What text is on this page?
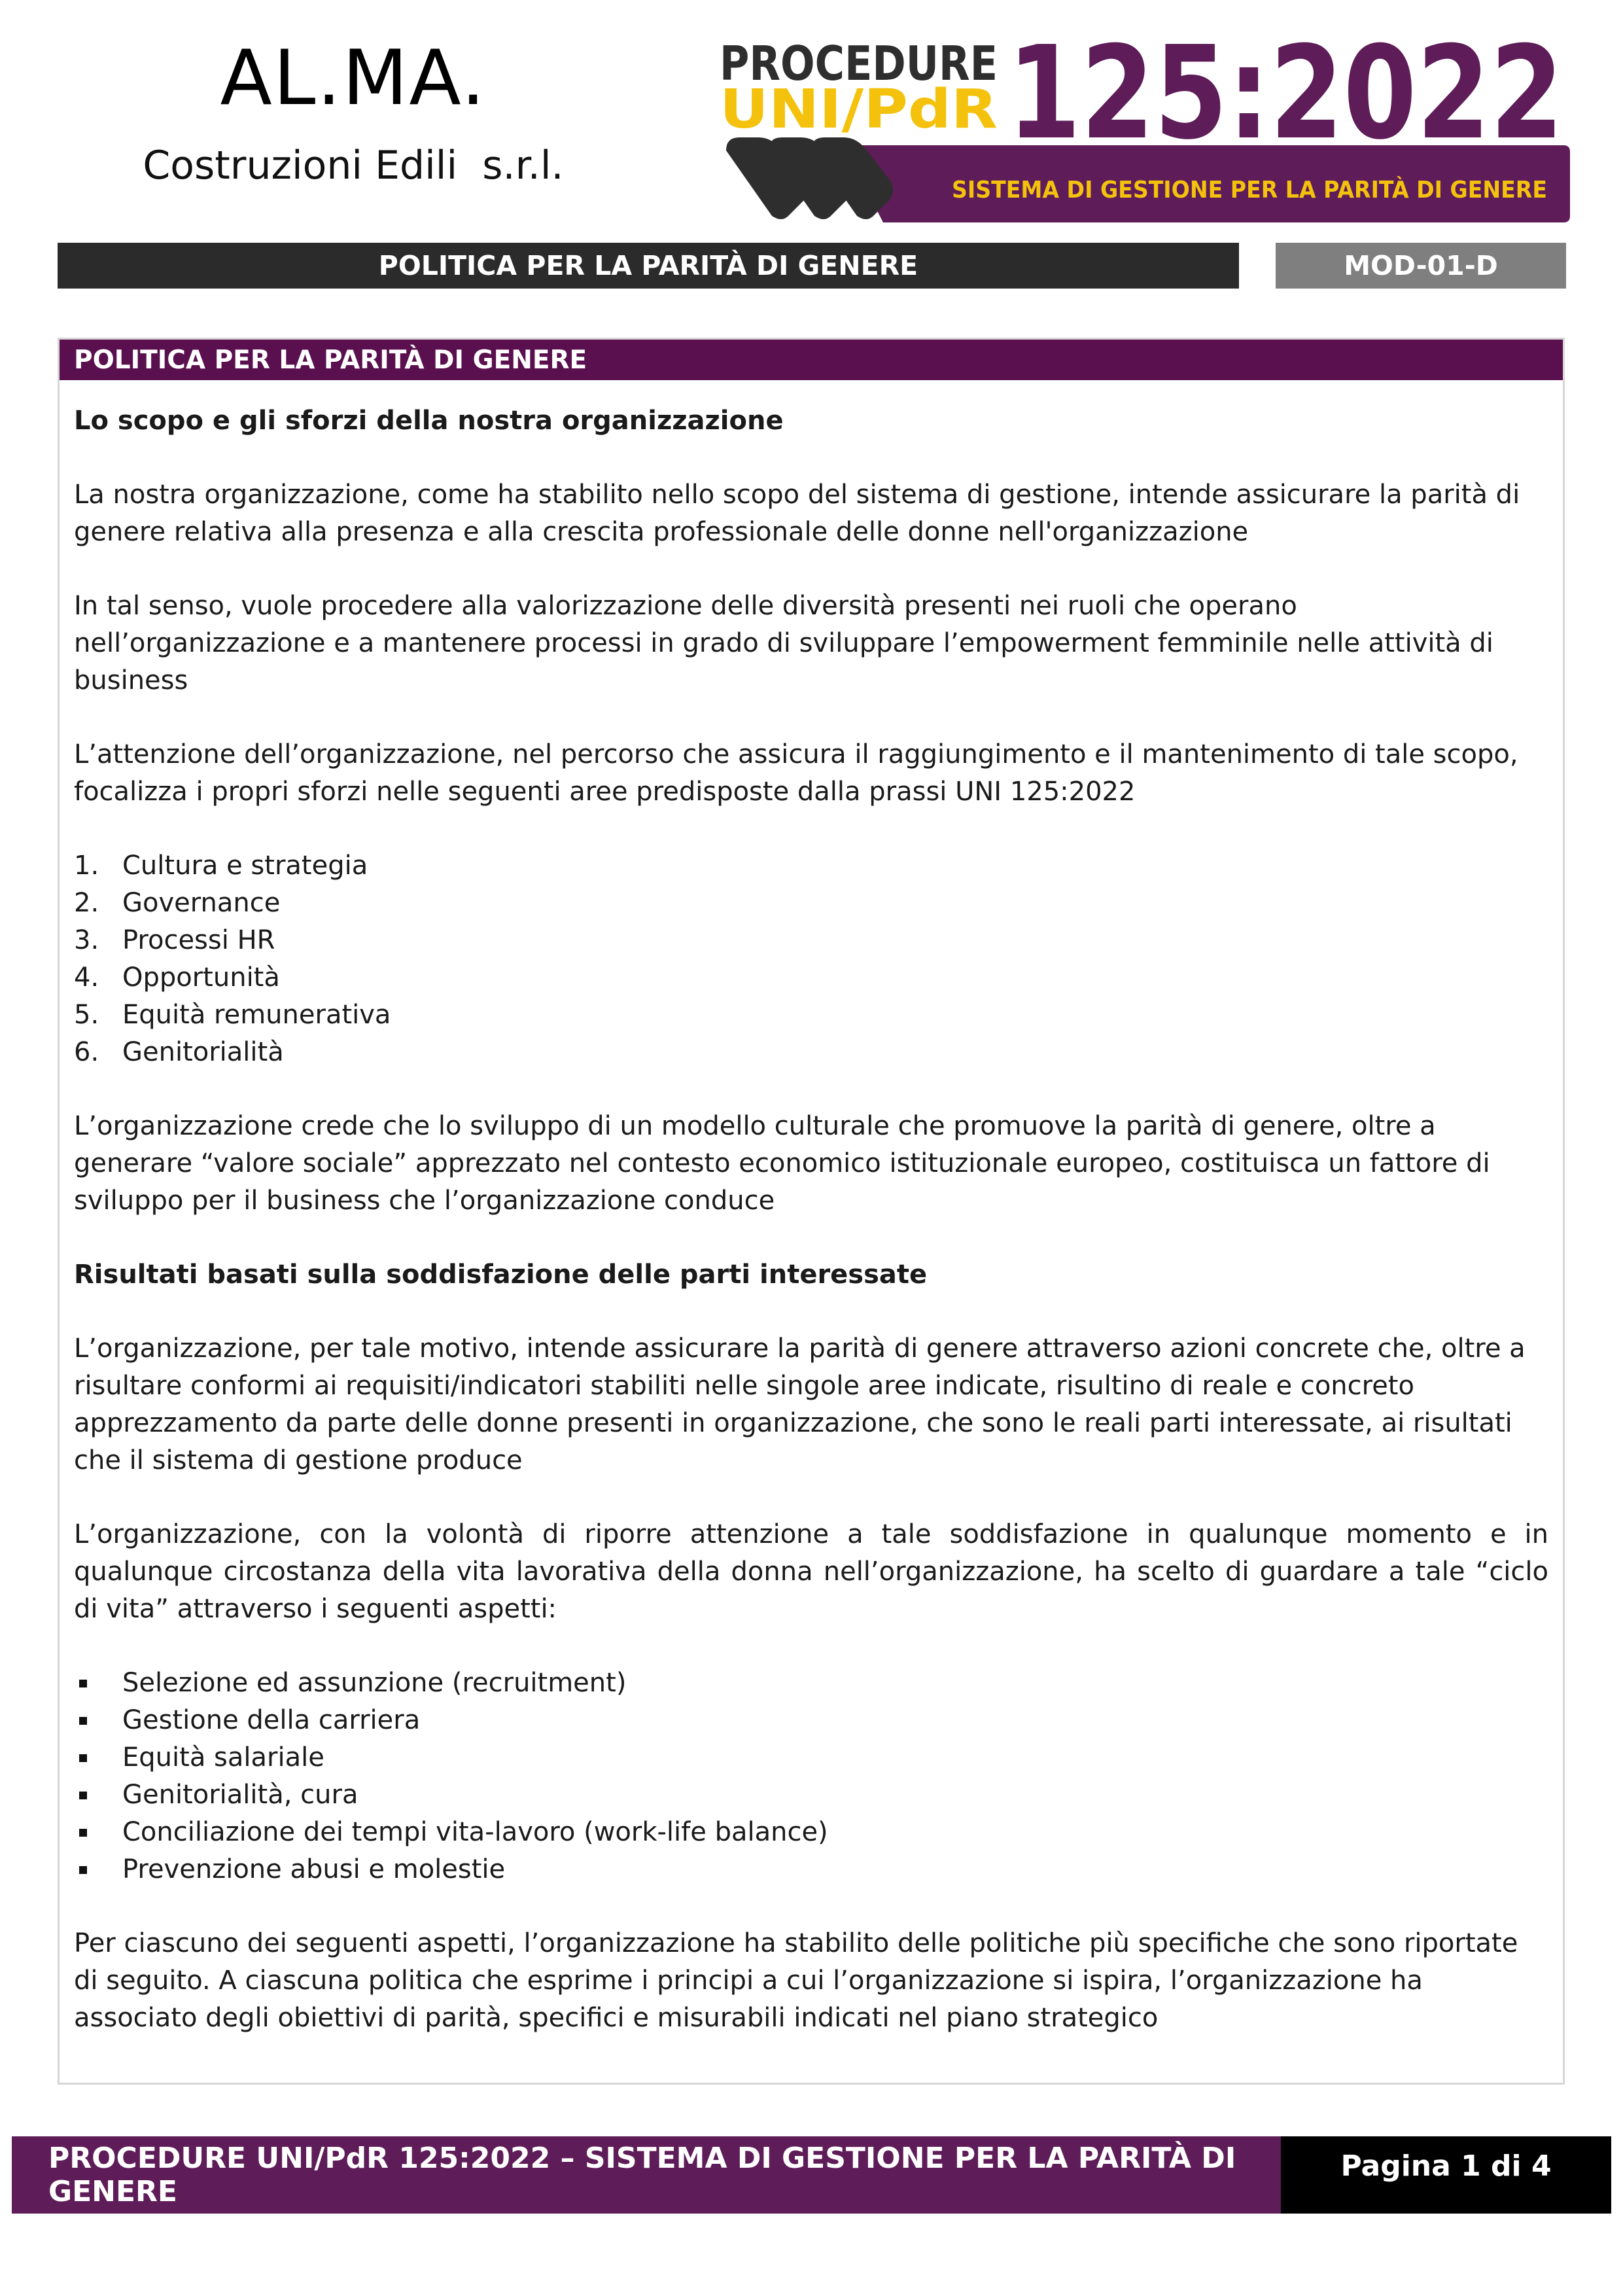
AL.MA.
Costruzioni Edili  s.r.l.
PROCEDURE
UNI/PdR 125:2022
SISTEMA DI GESTIONE PER LA PARITÀ DI GENERE
POLITICA PER LA PARITÀ DI GENERE	MOD-01-D
POLITICA PER LA PARITÀ DI GENERE

Lo scopo e gli sforzi della nostra organizzazione

La nostra organizzazione, come ha stabilito nello scopo del sistema di gestione, intende assicurare la parità di genere relativa alla presenza e alla crescita professionale delle donne nell'organizzazione

In tal senso, vuole procedere alla valorizzazione delle diversità presenti nei ruoli che operano nell’organizzazione e a mantenere processi in grado di sviluppare l’empowerment femminile nelle attività di business

L’attenzione dell’organizzazione, nel percorso che assicura il raggiungimento e il mantenimento di tale scopo, focalizza i propri sforzi nelle seguenti aree predisposte dalla prassi UNI 125:2022

1. Cultura e strategia
2. Governance
3. Processi HR
4. Opportunità
5. Equità remunerativa
6. Genitorialità

L’organizzazione crede che lo sviluppo di un modello culturale che promuove la parità di genere, oltre a generare “valore sociale” apprezzato nel contesto economico istituzionale europeo, costituisca un fattore di sviluppo per il business che l’organizzazione conduce

Risultati basati sulla soddisfazione delle parti interessate

L’organizzazione, per tale motivo, intende assicurare la parità di genere attraverso azioni concrete che, oltre a risultare conformi ai requisiti/indicatori stabiliti nelle singole aree indicate, risultino di reale e concreto apprezzamento da parte delle donne presenti in organizzazione, che sono le reali parti interessate, ai risultati che il sistema di gestione produce

L’organizzazione, con la volontà di riporre attenzione a tale soddisfazione in qualunque momento e in qualunque circostanza della vita lavorativa della donna nell’organizzazione, ha scelto di guardare a tale “ciclo di vita” attraverso i seguenti aspetti:

Selezione ed assunzione (recruitment)
Gestione della carriera
Equità salariale
Genitorialità, cura
Conciliazione dei tempi vita-lavoro (work-life balance)
Prevenzione abusi e molestie

Per ciascuno dei seguenti aspetti, l’organizzazione ha stabilito delle politiche più specifiche che sono riportate di seguito. A ciascuna politica che esprime i principi a cui l’organizzazione si ispira, l’organizzazione ha associato degli obiettivi di parità, specifici e misurabili indicati nel piano strategico

PROCEDURE UNI/PdR 125:2022 – SISTEMA DI GESTIONE PER LA PARITÀ DI GENERE
Pagina 1 di 4
